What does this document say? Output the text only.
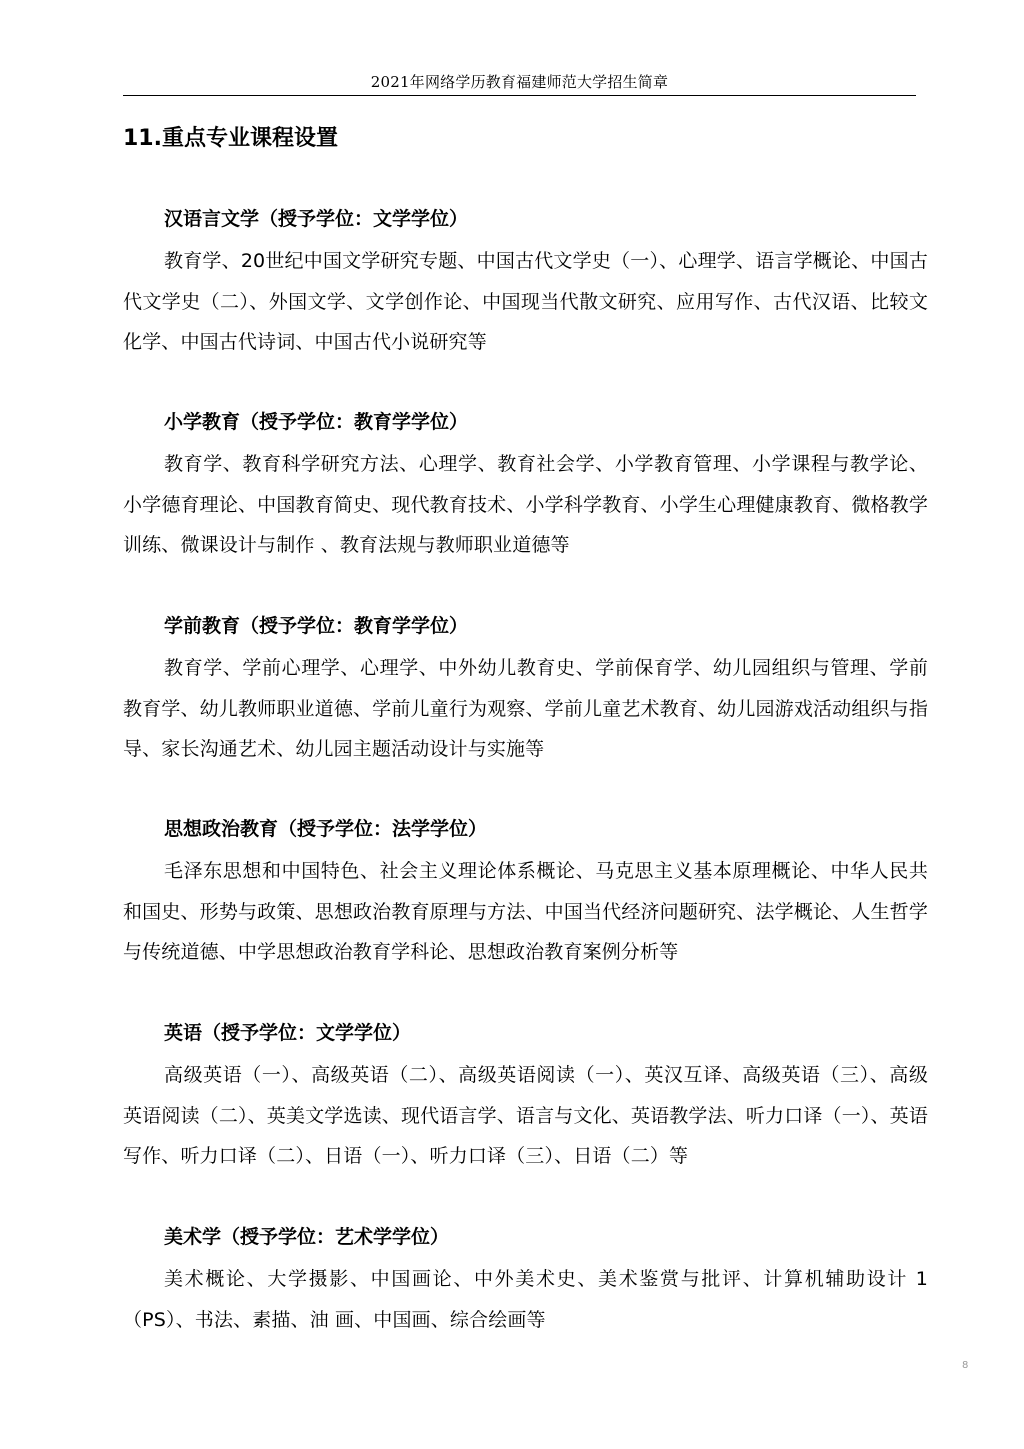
2021年网络学历教育福建师范大学招生简章
11.重点专业课程设置

汉语言文学（授予学位：文学学位）

教育学、20世纪中国文学研究专题、中国古代文学史（一）、心理学、语言学概论、中国古代文学史（二）、外国文学、文学创作论、中国现当代散文研究、应用写作、古代汉语、比较文化学、中国古代诗词、中国古代小说研究等

小学教育（授予学位：教育学学位）

教育学、教育科学研究方法、心理学、教育社会学、小学教育管理、小学课程与教学论、小学德育理论、中国教育简史、现代教育技术、小学科学教育、小学生心理健康教育、微格教学训练、微课设计与制作 、教育法规与教师职业道德等

学前教育（授予学位：教育学学位）

教育学、学前心理学、心理学、中外幼儿教育史、学前保育学、幼儿园组织与管理、学前教育学、幼儿教师职业道德、学前儿童行为观察、学前儿童艺术教育、幼儿园游戏活动组织与指导、家长沟通艺术、幼儿园主题活动设计与实施等

思想政治教育（授予学位：法学学位）

毛泽东思想和中国特色、社会主义理论体系概论、马克思主义基本原理概论、中华人民共和国史、形势与政策、思想政治教育原理与方法、中国当代经济问题研究、法学概论、人生哲学与传统道德、中学思想政治教育学科论、思想政治教育案例分析等

英语（授予学位：文学学位）

高级英语（一）、高级英语（二）、高级英语阅读（一）、英汉互译、高级英语（三）、高级英语阅读（二）、英美文学选读、现代语言学、语言与文化、英语教学法、听力口译（一）、英语写作、听力口译（二）、日语（一）、听力口译（三）、日语（二）等

美术学（授予学位：艺术学学位）

美术概论、大学摄影、中国画论、中外美术史、美术鉴赏与批评、计算机辅助设计 1（PS）、书法、素描、油 画、中国画、综合绘画等

8
